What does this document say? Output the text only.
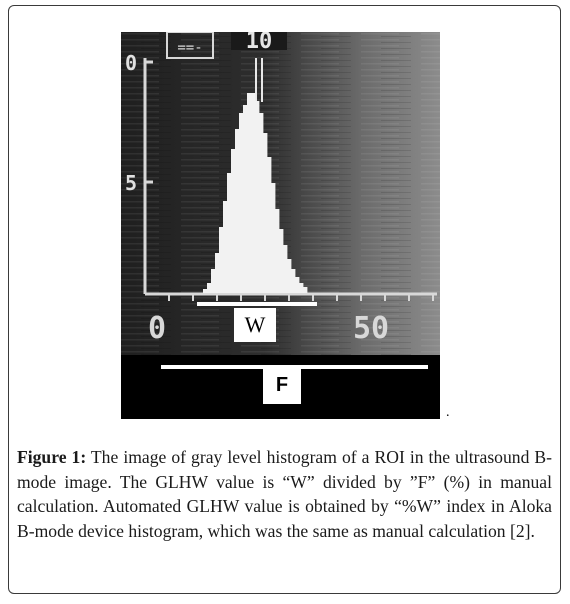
==- 10
0
5
0	50
W
F
.
Figure 1: The image of gray level histogram of a ROI in the ultrasound B-mode image. The GLHW value is “W” divided by ”F” (%) in manual calculation. Automated GLHW value is obtained by “%W” index in Aloka B-mode device histogram, which was the same as manual calculation [2].
